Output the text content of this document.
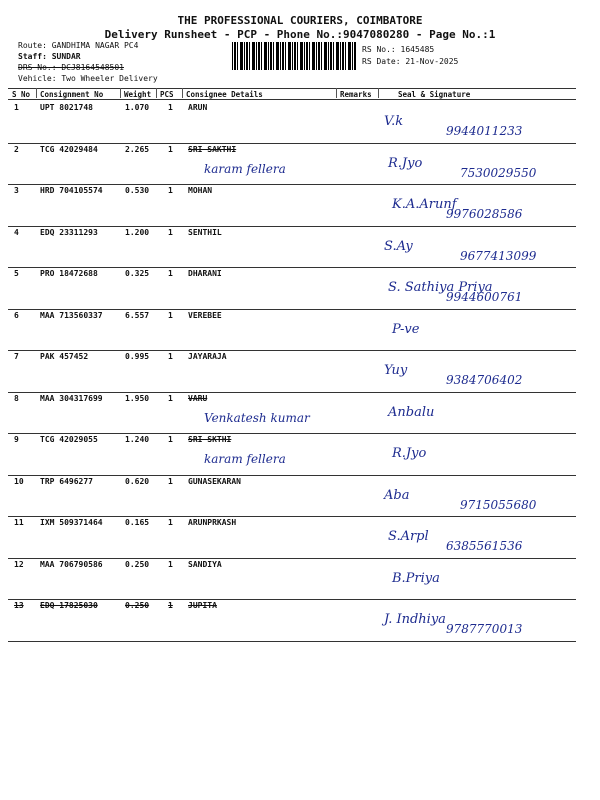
THE PROFESSIONAL COURIERS, COIMBATORE
Delivery Runsheet - PCP - Phone No.:9047080280 - Page No.:1
Route: GANDHIMA NAGAR PC4
Staff: SUNDAR
DRS No.: DCJ8164548501
Vehicle: Two Wheeler Delivery
RS No.: 1645485
RS Date: 21-Nov-2025
S No Consignment No	Weight PCS Consignee Details	Remarks	Seal & Signature
1	UPT 8021748	1.070 1 ARUN
V.k
9944011233
2	TCG 42029484	2.265 1 SRI SAKTHI
R.Jyo
7530029550
karam fellera
3	HRD 704105574	0.530 1 MOHAN
K.A.Arunf
9976028586
4	EDQ 23311293	1.200 1 SENTHIL
S.Ay
9677413099
5	PRO 18472688	0.325 1 DHARANI
S. Sathiya Priya
9944600761
6	MAA 713560337	6.557 1 VEREBEE
P-ve
7	PAK 457452	0.995 1 JAYARAJA
Yuy
9384706402
8	MAA 304317699	1.950 1 VARU
Anbalu
Venkatesh kumar
9	TCG 42029055	1.240 1 SRI SKTHI
R.Jyo
karam fellera
10 TRP 6496277	0.620 1 GUNASEKARAN
Aba
9715055680
11 IXM 509371464	0.165 1 ARUNPRKASH
S.Arpl
6385561536
12 MAA 706790586	0.250 1 SANDIYA
B.Priya
13 EDQ 17825030	0.250 1 JUPITA
J. Indhiya
9787770013
